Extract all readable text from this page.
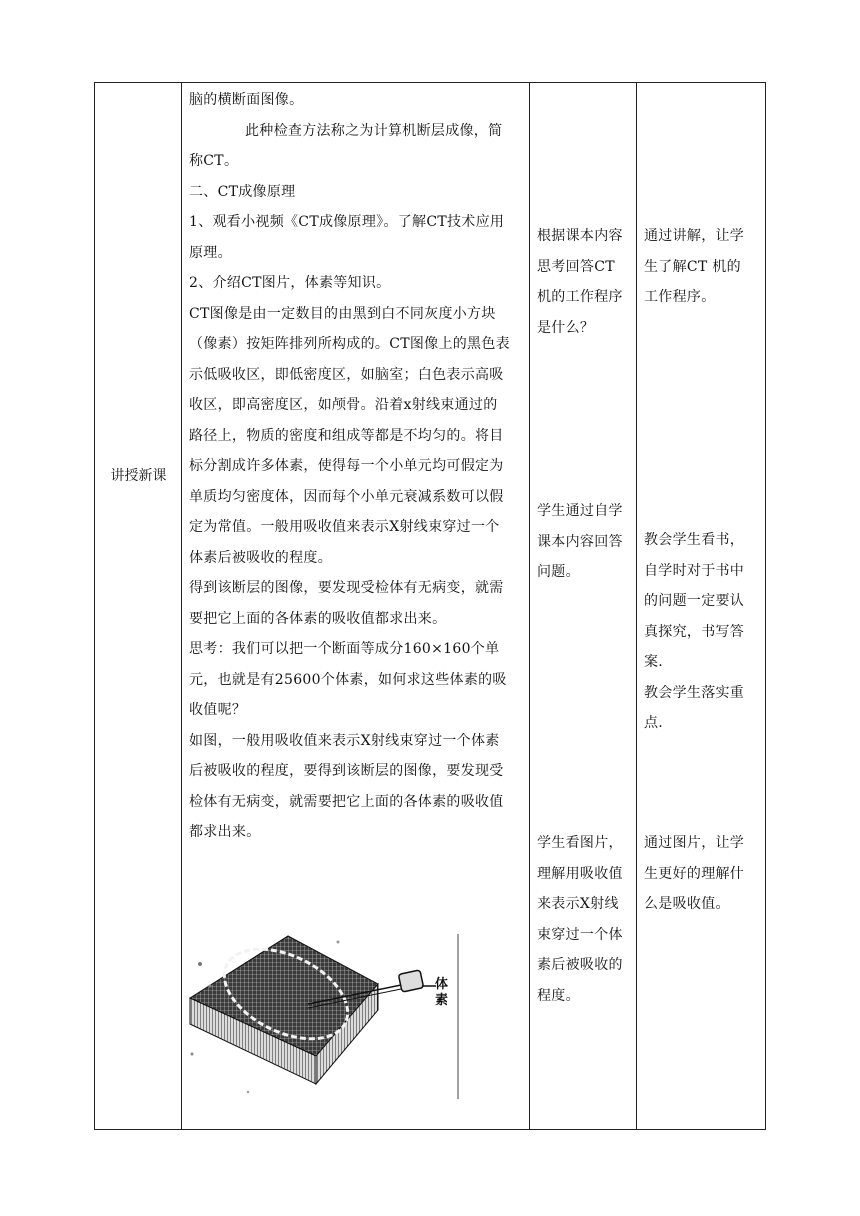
讲授新课

脑的横断面图像。

此种检查方法称之为计算机断层成像，简

称CT。

二、CT成像原理

1、观看小视频《CT成像原理》。了解CT技术应用

原理。

2、介绍CT图片，体素等知识。

CT图像是由一定数目的由黑到白不同灰度小方块

（像素）按矩阵排列所构成的。CT图像上的黑色表

示低吸收区，即低密度区，如脑室；白色表示高吸

收区，即高密度区，如颅骨。沿着x射线束通过的

路径上，物质的密度和组成等都是不均匀的。将目

标分割成许多体素，使得每一个小单元均可假定为

单质均匀密度体，因而每个小单元衰减系数可以假

定为常值。一般用吸收值来表示X射线束穿过一个

体素后被吸收的程度。

得到该断层的图像，要发现受检体有无病变，就需

要把它上面的各体素的吸收值都求出来。

思考：我们可以把一个断面等成分160×160个单

元，也就是有25600个体素，如何求这些体素的吸

收值呢？

如图，一般用吸收值来表示X射线束穿过一个体素

后被吸收的程度，要得到该断层的图像，要发现受

检体有无病变，就需要把它上面的各体素的吸收值

都求出来。

根据课本内容

思考回答CT

机的工作程序

是什么？

学生通过自学

课本内容回答

问题。

学生看图片，

理解用吸收值

来表示X射线

束穿过一个体

素后被吸收的

程度。

通过讲解，让学

生了解CT 机的

工作程序。

教会学生看书，

自学时对于书中

的问题一定要认

真探究，书写答

案.

教会学生落实重

点.

通过图片，让学

生更好的理解什

么是吸收值。

体素
